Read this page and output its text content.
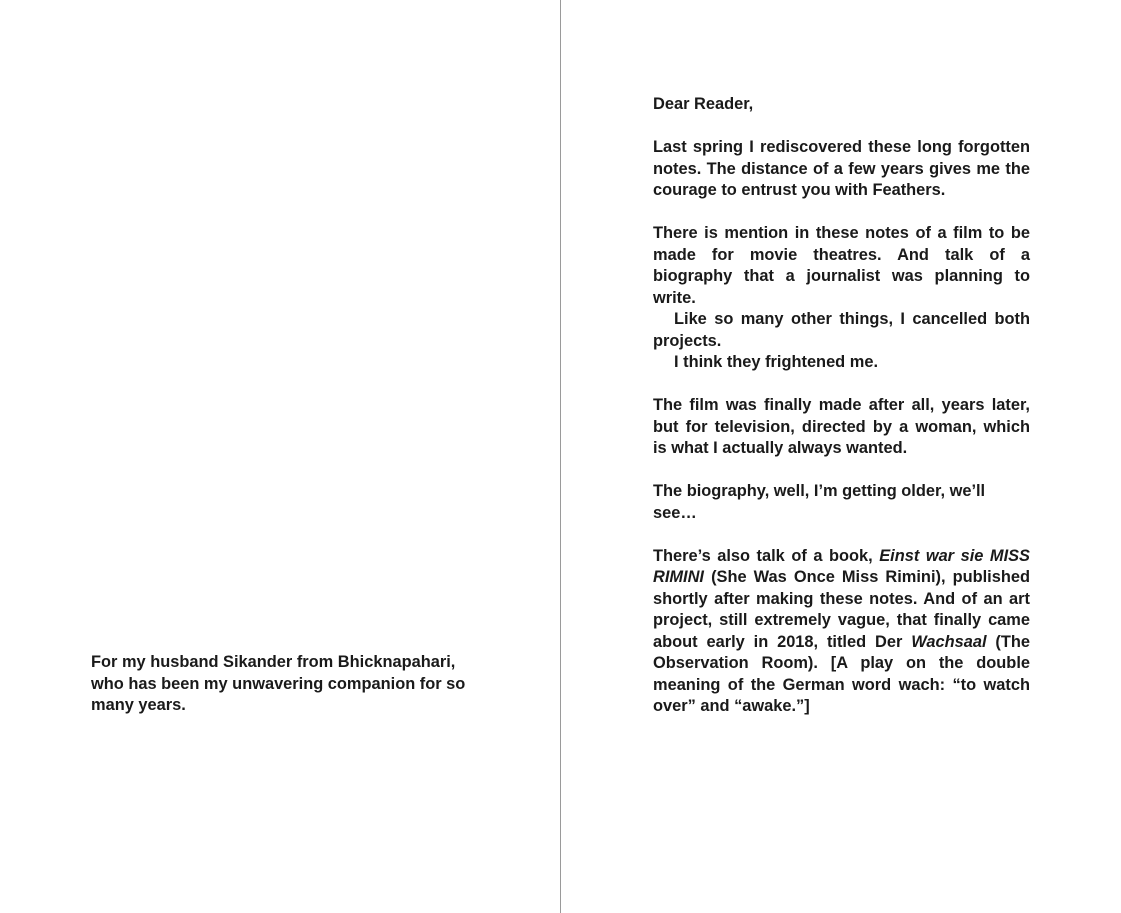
For my husband Sikander from Bhicknapahari, who has been my unwavering companion for so many years.

Dear Reader,

Last spring I rediscovered these long forgotten notes. The distance of a few years gives me the courage to entrust you with Feathers.

There is mention in these notes of a film to be made for movie theatres. And talk of a biography that a journalist was planning to write.

Like so many other things, I cancelled both projects.

I think they frightened me.

The film was finally made after all, years later, but for television, directed by a woman, which is what I actually always wanted.

The biography, well, I’m getting older, we’ll see…

There’s also talk of a book, Einst war sie MISS RIMINI (She Was Once Miss Rimini), published shortly after making these notes. And of an art project, still extremely vague, that finally came about early in 2018, titled Der Wachsaal (The Observation Room). [A play on the double meaning of the German word wach: “to watch over” and “awake.”]
